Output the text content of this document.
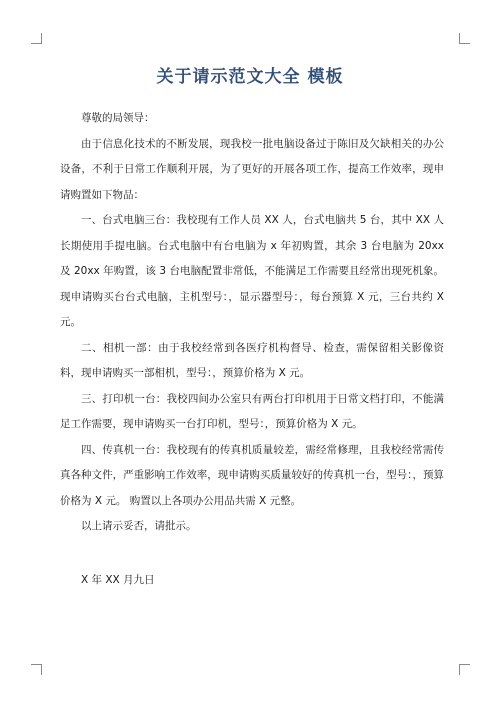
关于请示范文大全 模板

尊敬的局领导：

由于信息化技术的不断发展，现我校一批电脑设备过于陈旧及欠缺相关的办公设备，不利于日常工作顺利开展，为了更好的开展各项工作，提高工作效率，现申请购置如下物品：

一、台式电脑三台：我校现有工作人员 XX 人，台式电脑共 5 台，其中 XX 人长期使用手提电脑。台式电脑中有台电脑为 x 年初购置，其余 3 台电脑为 20xx 及 20xx 年购置，该 3 台电脑配置非常低，不能满足工作需要且经常出现死机象。现申请购买台台式电脑，主机型号：，显示器型号：，每台预算 X 元，三台共约 X 元。

二、相机一部：由于我校经常到各医疗机构督导、检查，需保留相关影像资料，现申请购买一部相机，型号：，预算价格为 X 元。

三、打印机一台：我校四间办公室只有两台打印机用于日常文档打印，不能满足工作需要，现申请购买一台打印机，型号：，预算价格为 X 元。

四、传真机一台：我校现有的传真机质量较差，需经常修理，且我校经常需传真各种文件，严重影响工作效率，现申请购买质量较好的传真机一台，型号：，预算价格为 X 元。 购置以上各项办公用品共需 X 元整。

以上请示妥否，请批示。

X 年 XX 月九日
